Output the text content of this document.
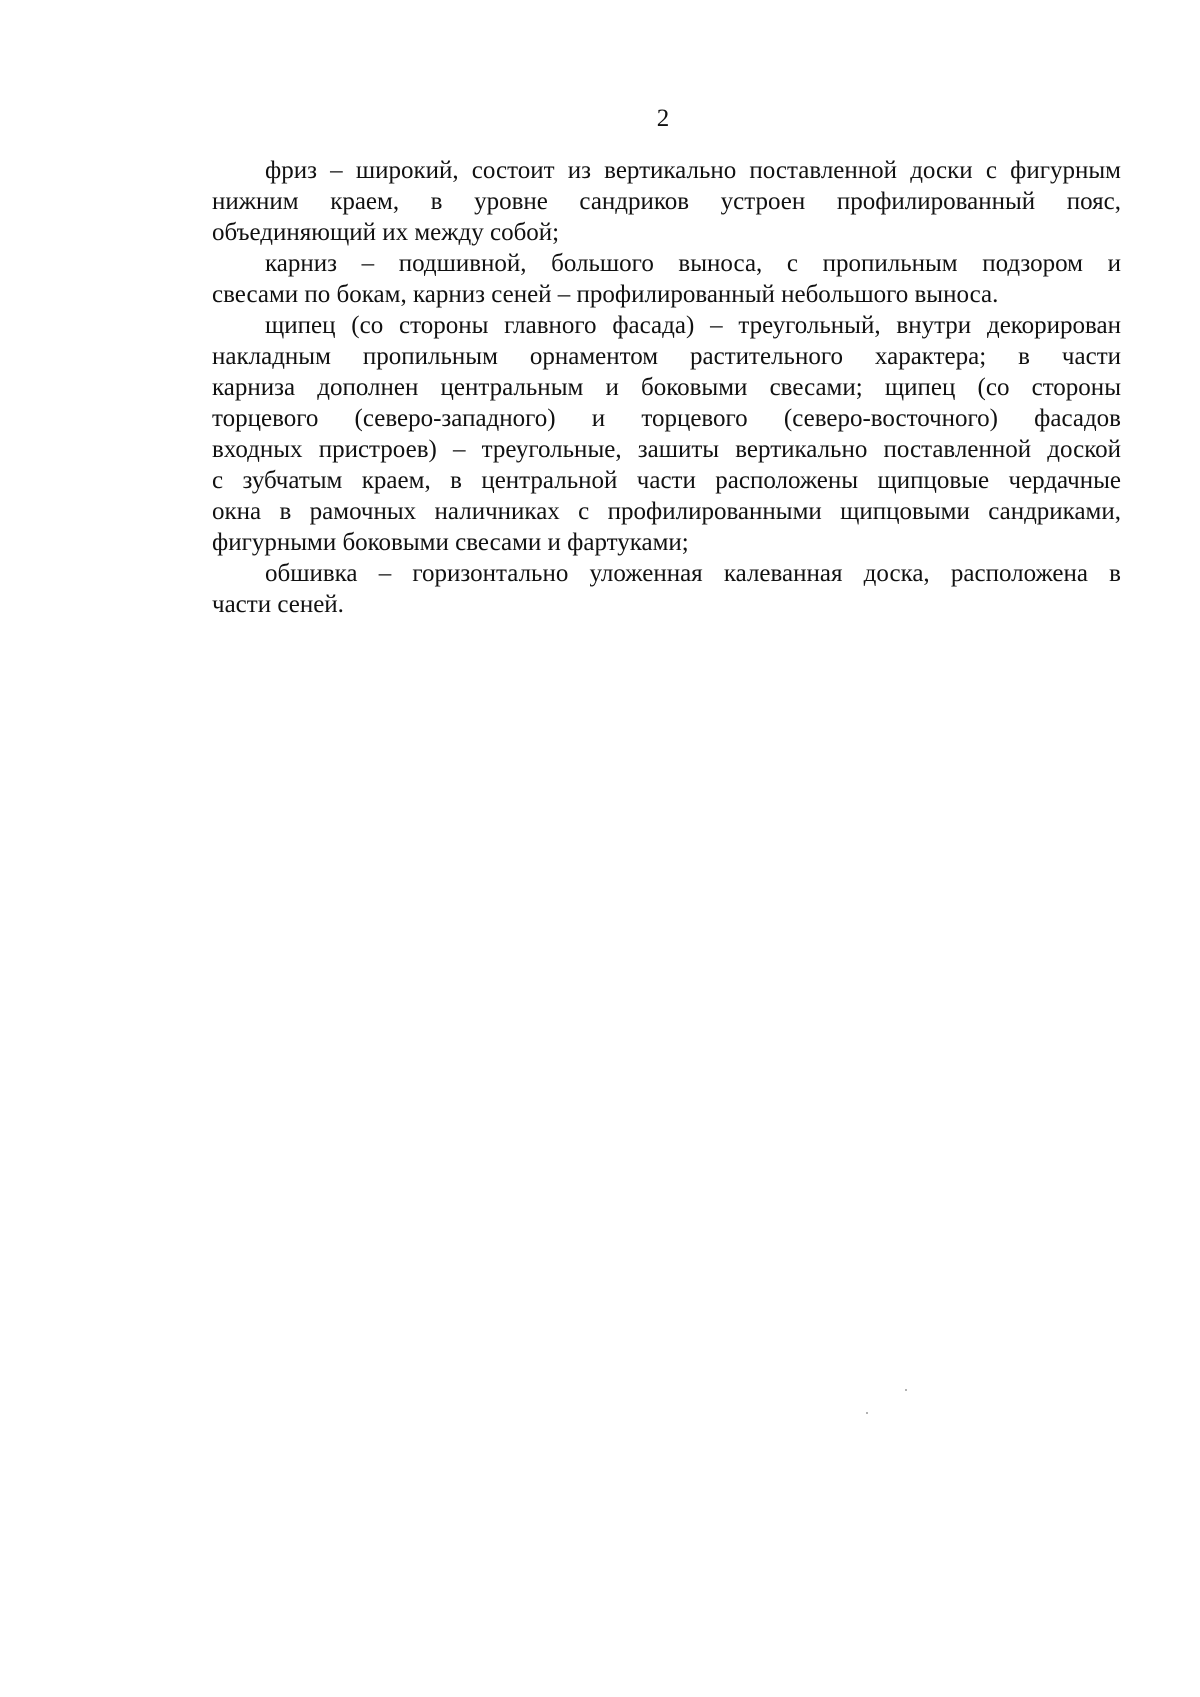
2
фриз – широкий, состоит из вертикально поставленной доски с фигурным
нижним краем, в уровне сандриков устроен профилированный пояс,
объединяющий их между собой;
карниз – подшивной, большого выноса, с пропильным подзором и
свесами по бокам, карниз сеней – профилированный небольшого выноса.
щипец (со стороны главного фасада) – треугольный, внутри декорирован
накладным пропильным орнаментом растительного характера; в части
карниза дополнен центральным и боковыми свесами; щипец (со стороны
торцевого (северо-западного) и торцевого (северо-восточного) фасадов
входных пристроев) – треугольные, зашиты вертикально поставленной доской
с зубчатым краем, в центральной части расположены щипцовые чердачные
окна в рамочных наличниках с профилированными щипцовыми сандриками,
фигурными боковыми свесами и фартуками;
обшивка – горизонтально уложенная калеванная доска, расположена в
части сеней.
